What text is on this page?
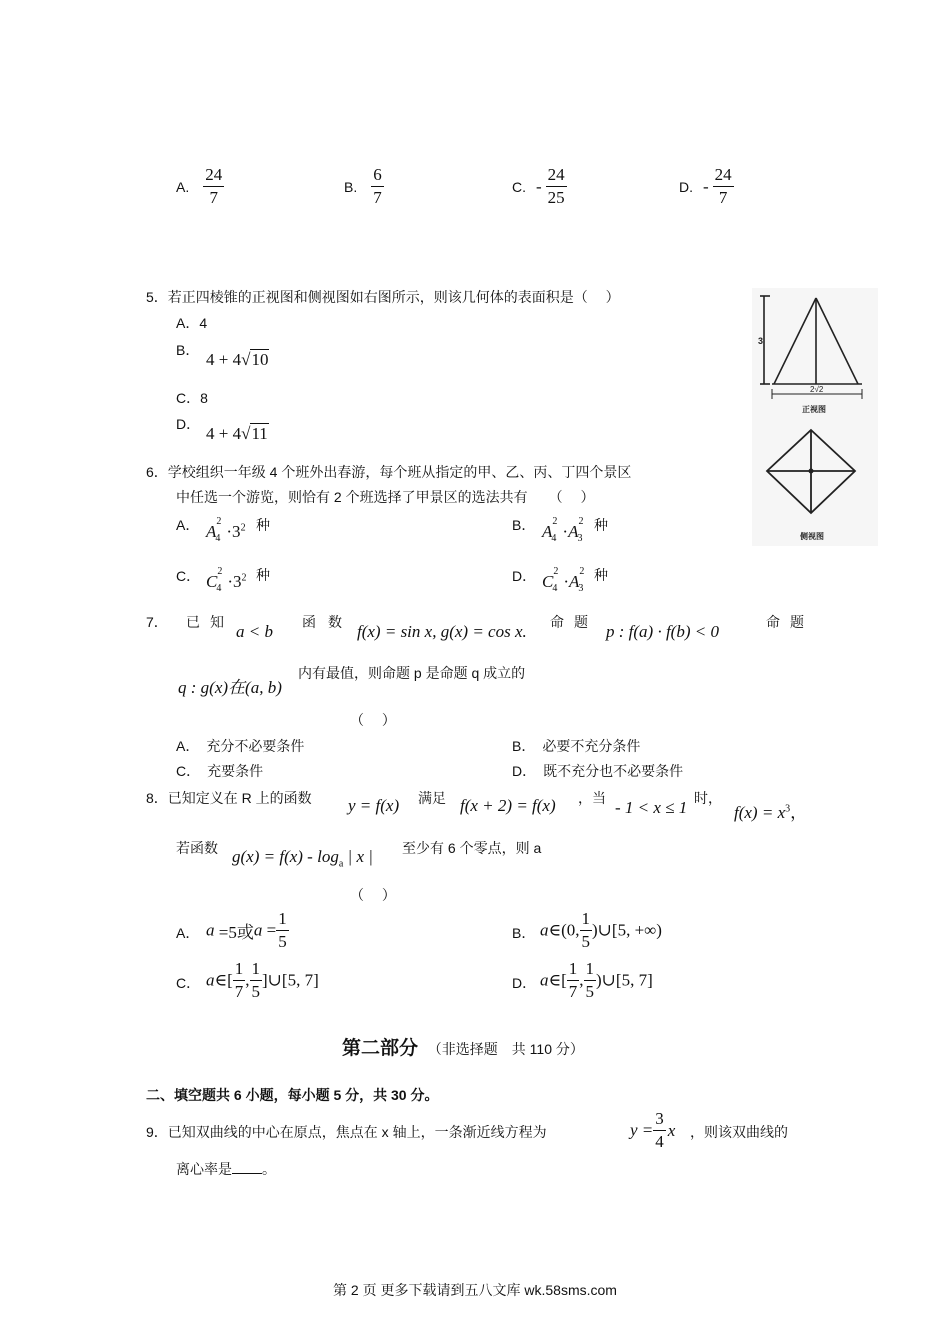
A. $\frac{24}{7}$	B. $\frac{6}{7}$	C. - $\frac{24}{25}$	D. - $\frac{24}{7}$
5．若正四棱锥的正视图和侧视图如右图所示，则该几何体的表面积是（　 ）
A．4
B． 4 + 4√10
C．8
D． 4 + 4√11
3
2√2
正视图
侧视图
6．学校组织一年级 4 个班外出春游，每个班从指定的甲、乙、丙、丁四个景区
中任选一个游览，则恰有 2 个班选择了甲景区的选法共有　　（　 ）
A． $A^2_4 \cdot 3^2$ 种	B． $A^2_4 \cdot A^2_3$
种
C． $C^2_4 \cdot 3^2$ 种	D． $C^2_4 \cdot A^2_3$
种
7． 已 知 a < b 函 数 f(x) = sin x, g(x) = cos x. 命 题 p : f(a) · f(b) < 0	命 题
q : g(x)在(a, b)
内有最值，则命题 p 是命题 q 成立的
（　 ）
A．　充分不必要条件	B．　必要不充分条件
C．　充要条件	D．　既不充分也不必要条件
8．已知定义在 R 上的函数 y = f(x) 满足 f(x + 2) = f(x) ，当 - 1 < x ≤ 1 时，
$f(x) = x^3$，
若函数 $g(x) = f(x) - \log_a$ | x | 至少有 6 个零点，则 a
（　 ）
A． a =5或$a = \frac{1}{5}$	B． a∈(0, $\frac{1}{5}$ )∪[5, +∞)
C． a∈[ $\frac{1}{7}$ , $\frac{1}{5}$ ]∪[5, 7]	D． a∈[ $\frac{1}{7}$ , $\frac{1}{5}$ )∪[5, 7]
第二部分 （非选择题　共 110 分）
二、填空题共 6 小题，每小题 5 分，共 30 分。
9．已知双曲线的中心在原点，焦点在 x 轴上，一条渐近线方程为	$y = \frac{3}{4}$ x ，则该双曲线的
离心率是 。
第 2 页 更多下载请到五八文库 wk.58sms.com
